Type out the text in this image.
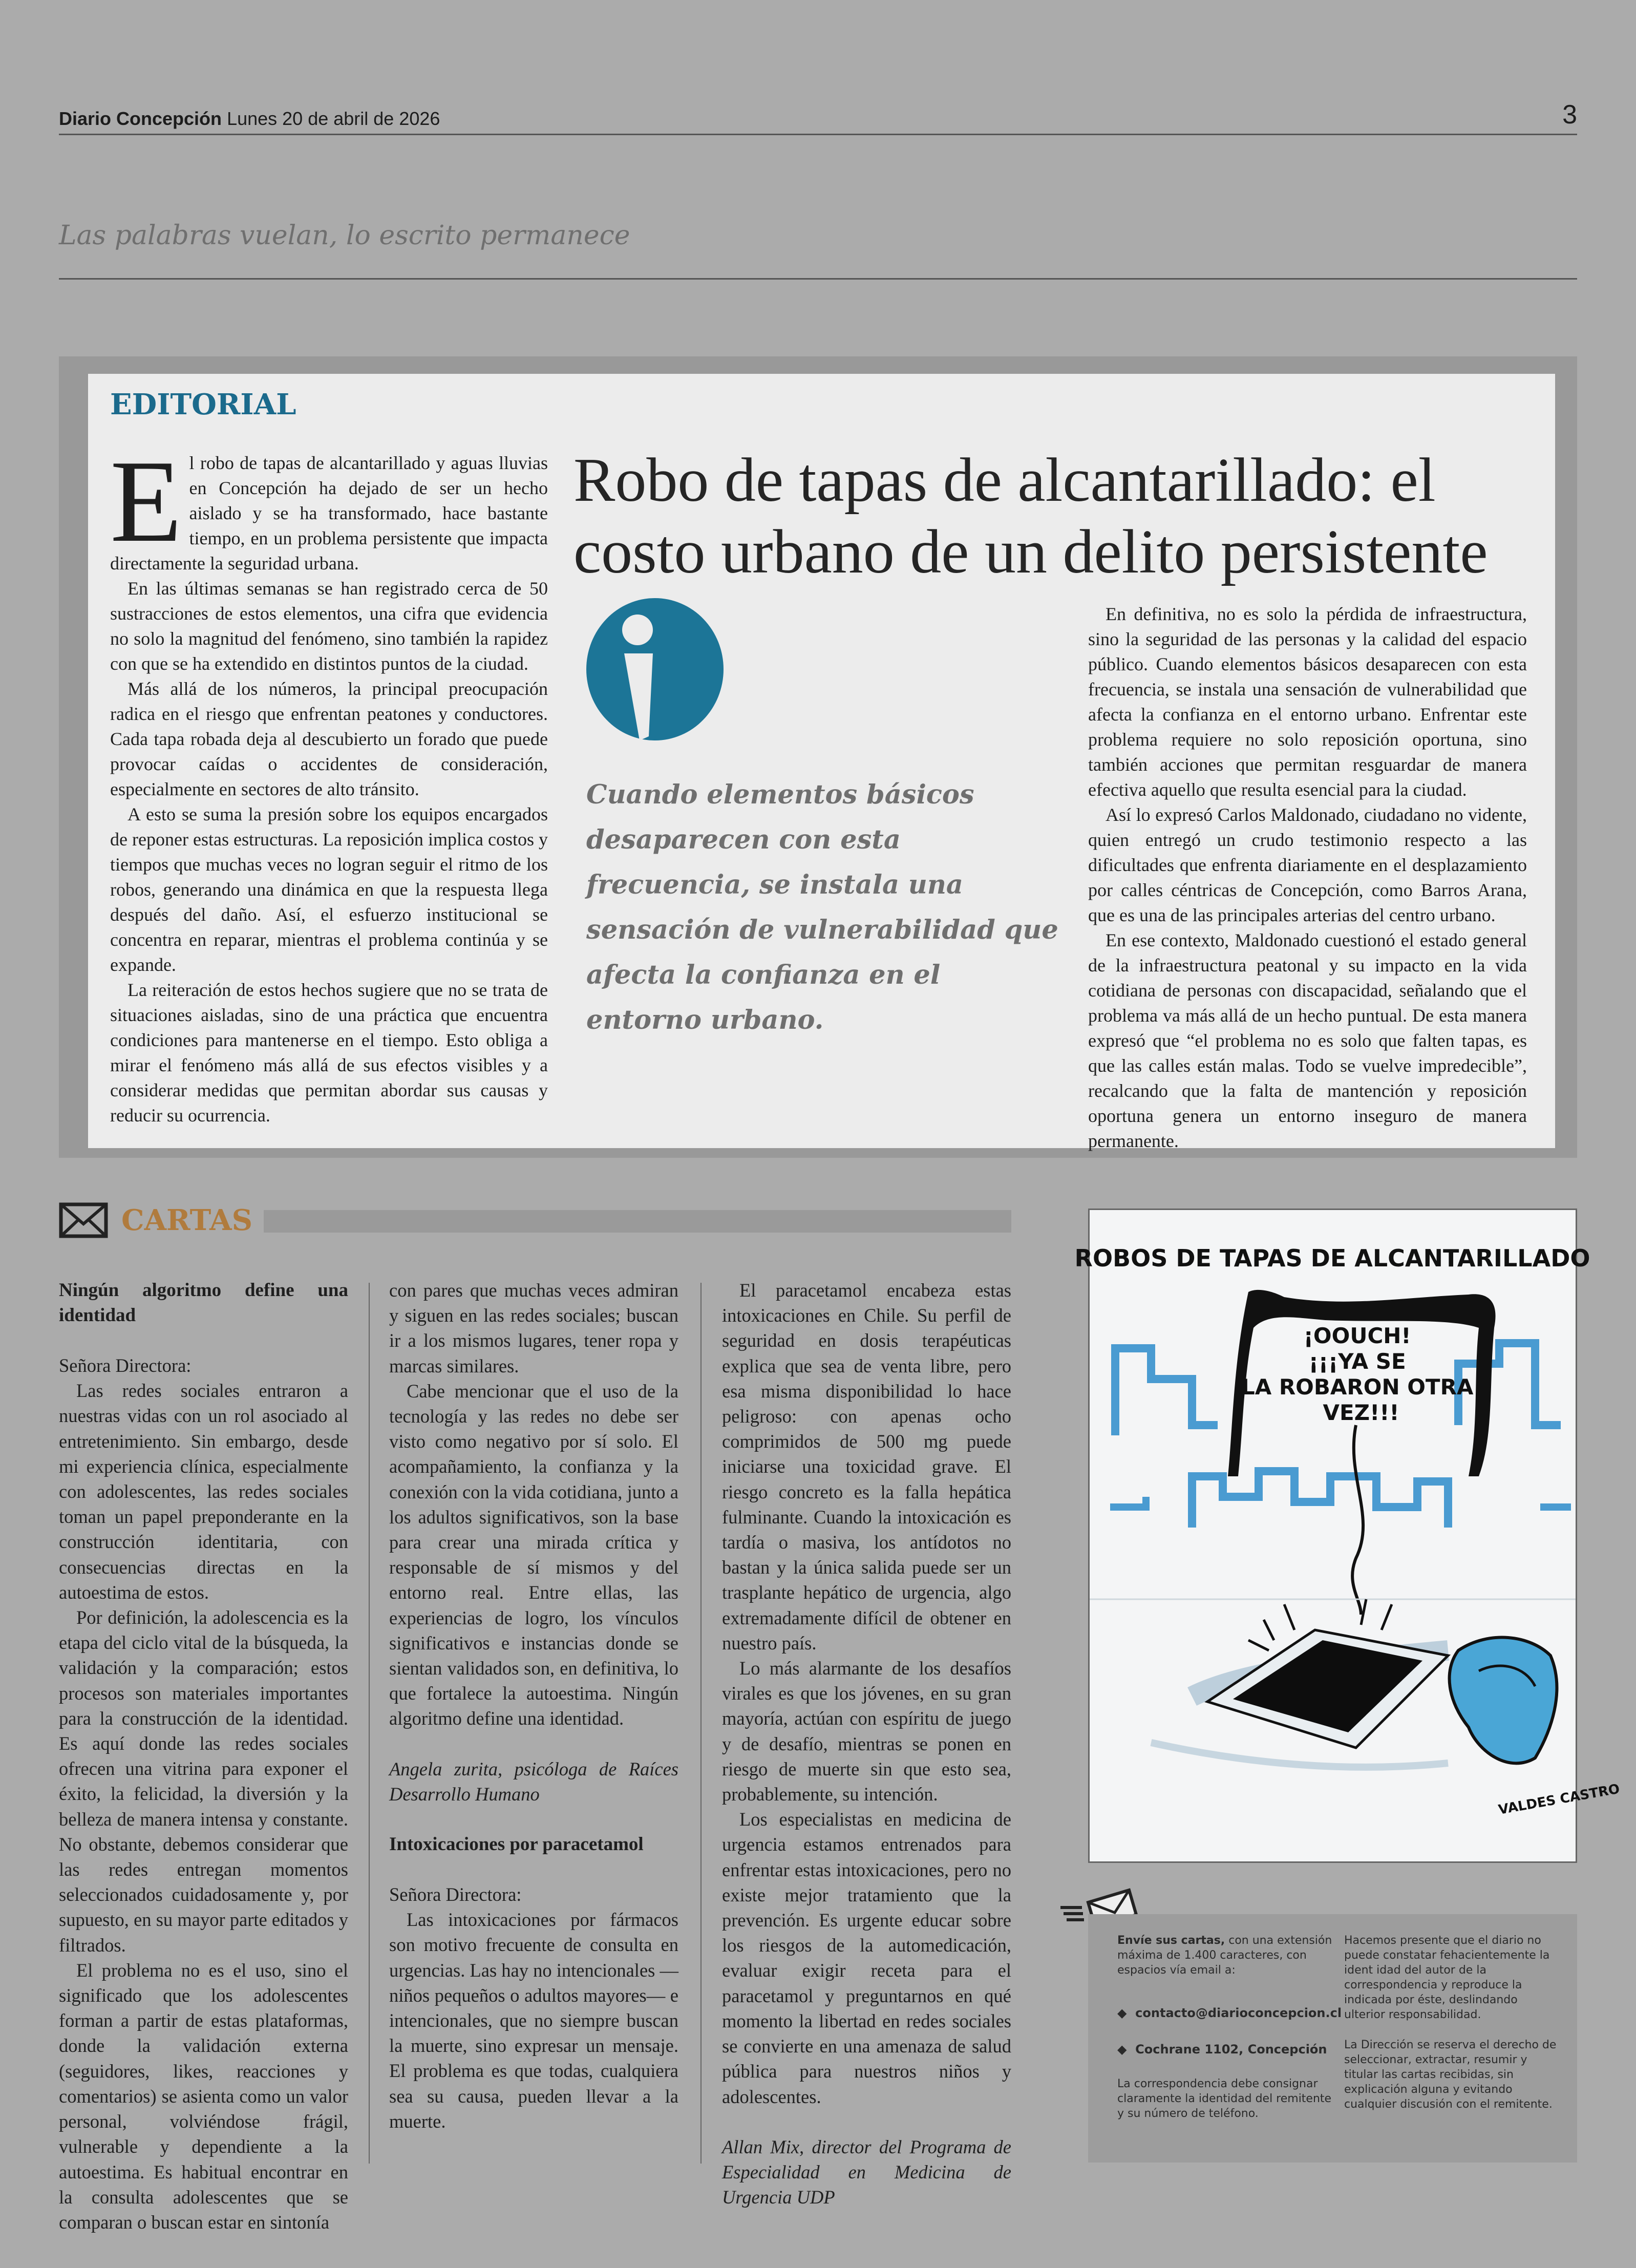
Diario Concepción Lunes 20 de abril de 2026	3
Las palabras vuelan, lo escrito permanece
EDITORIAL

El robo de tapas de alcantarillado y aguas lluvias en Concepción ha dejado de ser un hecho aislado y se ha transformado, hace bastante tiempo, en un problema persistente que impacta directamente la seguridad urbana.

En las últimas semanas se han registrado cerca de 50 sustracciones de estos elementos, una cifra que evidencia no solo la magnitud del fenómeno, sino también la rapidez con que se ha extendido en distintos puntos de la ciudad.

Más allá de los números, la principal preocupación radica en el riesgo que enfrentan peatones y conductores. Cada tapa robada deja al descubierto un forado que puede provocar caídas o accidentes de consideración, especialmente en sectores de alto tránsito.

A esto se suma la presión sobre los equipos encargados de reponer estas estructuras. La reposición implica costos y tiempos que muchas veces no logran seguir el ritmo de los robos, generando una dinámica en que la respuesta llega después del daño. Así, el esfuerzo institucional se concentra en reparar, mientras el problema continúa y se expande.

La reiteración de estos hechos sugiere que no se trata de situaciones aisladas, sino de una práctica que encuentra condiciones para mantenerse en el tiempo. Esto obliga a mirar el fenómeno más allá de sus efectos visibles y a considerar medidas que permitan abordar sus causas y reducir su ocurrencia.

Robo de tapas de alcantarillado: el costo urbano de un delito persistente
Cuando elementos básicos desaparecen con esta frecuencia, se instala una sensación de vulnerabilidad que afecta la confianza en el entorno urbano.

En definitiva, no es solo la pérdida de infraestructura, sino la seguridad de las personas y la calidad del espacio público. Cuando elementos básicos desaparecen con esta frecuencia, se instala una sensación de vulnerabilidad que afecta la confianza en el entorno urbano. Enfrentar este problema requiere no solo reposición oportuna, sino también acciones que permitan resguardar de manera efectiva aquello que resulta esencial para la ciudad.

Así lo expresó Carlos Maldonado, ciudadano no vidente, quien entregó un crudo testimonio respecto a las dificultades que enfrenta diariamente en el desplazamiento por calles céntricas de Concepción, como Barros Arana, que es una de las principales arterias del centro urbano.

En ese contexto, Maldonado cuestionó el estado general de la infraestructura peatonal y su impacto en la vida cotidiana de personas con discapacidad, señalando que el problema va más allá de un hecho puntual. De esta manera expresó que “el problema no es solo que falten tapas, es que las calles están malas. Todo se vuelve impredecible”, recalcando que la falta de mantención y reposición oportuna genera un entorno inseguro de manera permanente.

CARTAS
Ningún algoritmo define una identidad

Señora Directora:

Las redes sociales entraron a nuestras vidas con un rol asociado al entretenimiento. Sin embargo, desde mi experiencia clínica, especialmente con adolescentes, las redes sociales toman un papel preponderante en la construcción identitaria, con consecuencias directas en la autoestima de estos.

Por definición, la adolescencia es la etapa del ciclo vital de la búsqueda, la validación y la comparación; estos procesos son materiales importantes para la construcción de la identidad. Es aquí donde las redes sociales ofrecen una vitrina para exponer el éxito, la felicidad, la diversión y la belleza de manera intensa y constante. No obstante, debemos considerar que las redes entregan momentos seleccionados cuidadosamente y, por supuesto, en su mayor parte editados y filtrados.

El problema no es el uso, sino el significado que los adolescentes forman a partir de estas plataformas, donde la validación externa (seguidores, likes, reacciones y comentarios) se asienta como un valor personal, volviéndose frágil, vulnerable y dependiente a la autoestima. Es habitual encontrar en la consulta adolescentes que se comparan o buscan estar en sintonía

con pares que muchas veces admiran y siguen en las redes sociales; buscan ir a los mismos lugares, tener ropa y marcas similares.

Cabe mencionar que el uso de la tecnología y las redes no debe ser visto como negativo por sí solo. El acompañamiento, la confianza y la conexión con la vida cotidiana, junto a los adultos significativos, son la base para crear una mirada crítica y responsable de sí mismos y del entorno real. Entre ellas, las experiencias de logro, los vínculos significativos e instancias donde se sientan validados son, en definitiva, lo que fortalece la autoestima. Ningún algoritmo define una identidad.

Angela zurita, psicóloga de Raíces Desarrollo Humano

Intoxicaciones por paracetamol

Señora Directora:

Las intoxicaciones por fármacos son motivo frecuente de consulta en urgencias. Las hay no intencionales —niños pequeños o adultos mayores— e intencionales, que no siempre buscan la muerte, sino expresar un mensaje. El problema es que todas, cualquiera sea su causa, pueden llevar a la muerte.

El paracetamol encabeza estas intoxicaciones en Chile. Su perfil de seguridad en dosis terapéuticas explica que sea de venta libre, pero esa misma disponibilidad lo hace peligroso: con apenas ocho comprimidos de 500 mg puede iniciarse una toxicidad grave. El riesgo concreto es la falla hepática fulminante. Cuando la intoxicación es tardía o masiva, los antídotos no bastan y la única salida puede ser un trasplante hepático de urgencia, algo extremadamente difícil de obtener en nuestro país.

Lo más alarmante de los desafíos virales es que los jóvenes, en su gran mayoría, actúan con espíritu de juego y de desafío, mientras se ponen en riesgo de muerte sin que esto sea, probablemente, su intención.

Los especialistas en medicina de urgencia estamos entrenados para enfrentar estas intoxicaciones, pero no existe mejor tratamiento que la prevención. Es urgente educar sobre los riesgos de la automedicación, evaluar exigir receta para el paracetamol y preguntarnos en qué momento la libertad en redes sociales se convierte en una amenaza de salud pública para nuestros niños y adolescentes.

Allan Mix, director del Programa de Especialidad en Medicina de Urgencia UDP

ROBOS DE TAPAS DE ALCANTARILLADO
¡OOUCH! ¡¡¡YA SE LA ROBARON OTRA VEZ!!!
VALDES CASTRO

Envíe sus cartas, con una extensión máxima de 1.400 caracteres, con espacios vía email a:

◆  contacto@diarioconcepcion.cl

◆  Cochrane 1102, Concepción

La correspondencia debe consignar claramente la identidad del remitente y su número de teléfono.

Hacemos presente que el diario no puede constatar fehacientemente la ident idad del autor de la correspondencia y reproduce la indicada por éste, deslindando ulterior responsabilidad.

La Dirección se reserva el derecho de seleccionar, extractar, resumir y titular las cartas recibidas, sin explicación alguna y evitando cualquier discusión con el remitente.
